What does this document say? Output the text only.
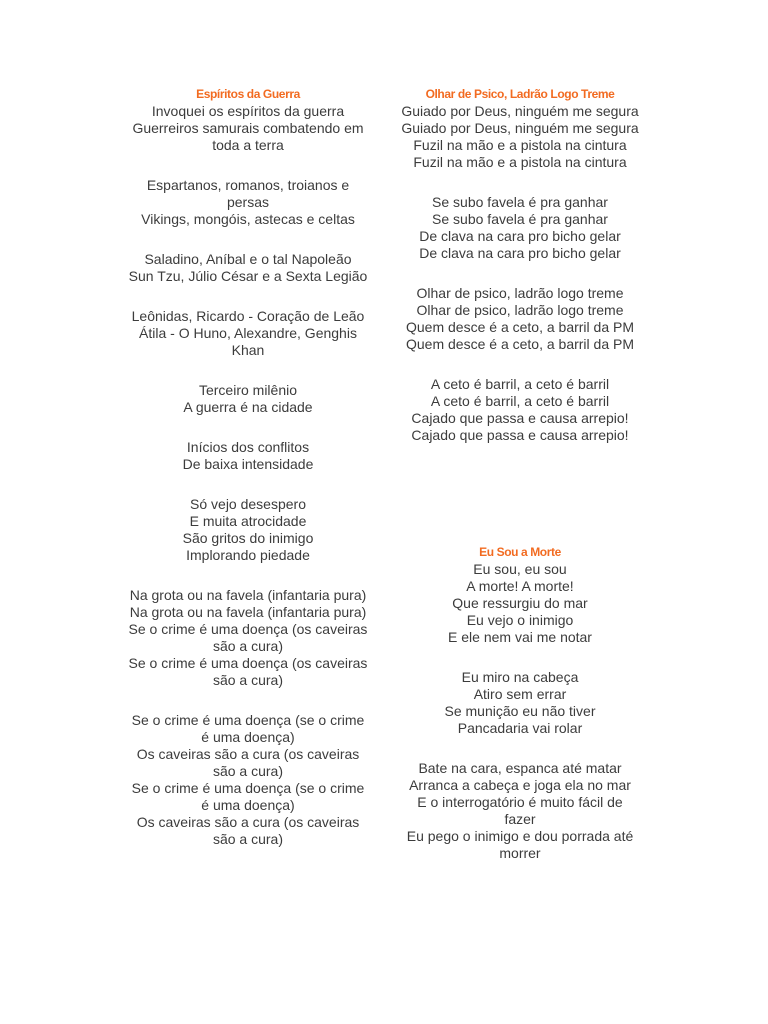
Espíritos da Guerra
Invoquei os espíritos da guerra
Guerreiros samurais combatendo em toda a terra
Espartanos, romanos, troianos e persas
Vikings, mongóis, astecas e celtas
Saladino, Aníbal e o tal Napoleão
Sun Tzu, Júlio César e a Sexta Legião
Leônidas, Ricardo - Coração de Leão
Átila - O Huno, Alexandre, Genghis Khan
Terceiro milênio
A guerra é na cidade
Inícios dos conflitos
De baixa intensidade
Só vejo desespero
E muita atrocidade
São gritos do inimigo
Implorando piedade
Na grota ou na favela (infantaria pura)
Na grota ou na favela (infantaria pura)
Se o crime é uma doença (os caveiras são a cura)
Se o crime é uma doença (os caveiras são a cura)
Se o crime é uma doença (se o crime é uma doença)
Os caveiras são a cura (os caveiras são a cura)
Se o crime é uma doença (se o crime é uma doença)
Os caveiras são a cura (os caveiras são a cura)
Olhar de Psico, Ladrão Logo Treme
Guiado por Deus, ninguém me segura
Guiado por Deus, ninguém me segura
Fuzil na mão e a pistola na cintura
Fuzil na mão e a pistola na cintura
Se subo favela é pra ganhar
Se subo favela é pra ganhar
De clava na cara pro bicho gelar
De clava na cara pro bicho gelar
Olhar de psico, ladrão logo treme
Olhar de psico, ladrão logo treme
Quem desce é a ceto, a barril da PM
Quem desce é a ceto, a barril da PM
A ceto é barril, a ceto é barril
A ceto é barril, a ceto é barril
Cajado que passa e causa arrepio!
Cajado que passa e causa arrepio!
Eu Sou a Morte
Eu sou, eu sou
A morte! A morte!
Que ressurgiu do mar
Eu vejo o inimigo
E ele nem vai me notar
Eu miro na cabeça
Atiro sem errar
Se munição eu não tiver
Pancadaria vai rolar
Bate na cara, espanca até matar
Arranca a cabeça e joga ela no mar
E o interrogatório é muito fácil de fazer
Eu pego o inimigo e dou porrada até morrer
